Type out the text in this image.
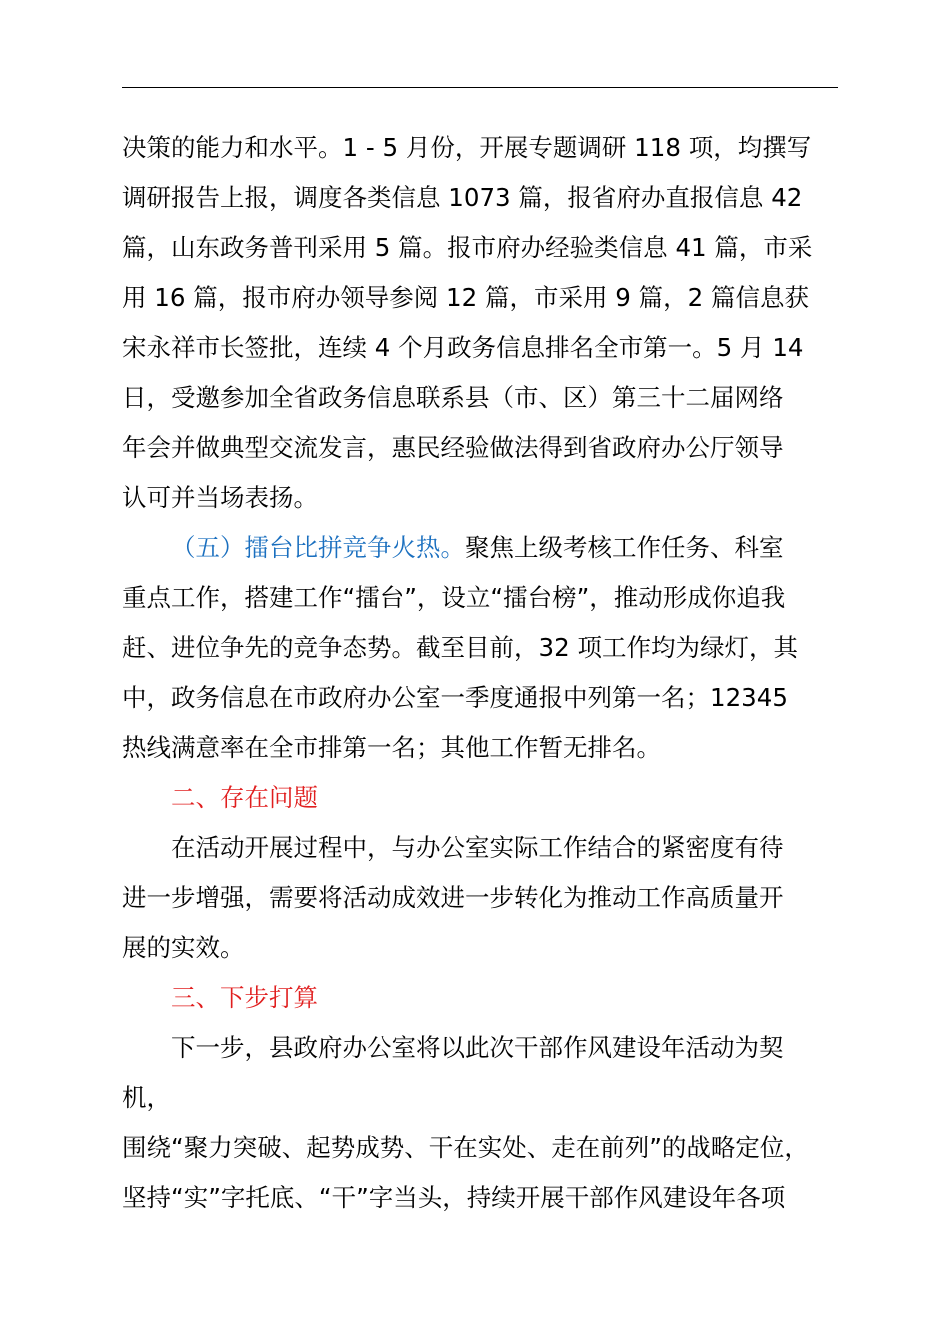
决策的能力和水平。1 - 5 月份，开展专题调研 118 项，均撰写
调研报告上报，调度各类信息 1073 篇，报省府办直报信息 42
篇，山东政务普刊采用 5 篇。报市府办经验类信息 41 篇，市采
用 16 篇，报市府办领导参阅 12 篇，市采用 9 篇，2 篇信息获
宋永祥市长签批，连续 4 个月政务信息排名全市第一。5 月 14
日，受邀参加全省政务信息联系县（市、区）第三十二届网络
年会并做典型交流发言，惠民经验做法得到省政府办公厅领导
认可并当场表扬。
（五）擂台比拼竞争火热。聚焦上级考核工作任务、科室
重点工作，搭建工作“擂台”，设立“擂台榜”，推动形成你追我
赶、进位争先的竞争态势。截至目前，32 项工作均为绿灯，其
中，政务信息在市政府办公室一季度通报中列第一名；12345
热线满意率在全市排第一名；其他工作暂无排名。
二、存在问题
在活动开展过程中，与办公室实际工作结合的紧密度有待
进一步增强，需要将活动成效进一步转化为推动工作高质量开
展的实效。
三、下步打算
下一步，县政府办公室将以此次干部作风建设年活动为契
机，
围绕“聚力突破、起势成势、干在实处、走在前列”的战略定位，
坚持“实”字托底、“干”字当头，持续开展干部作风建设年各项
